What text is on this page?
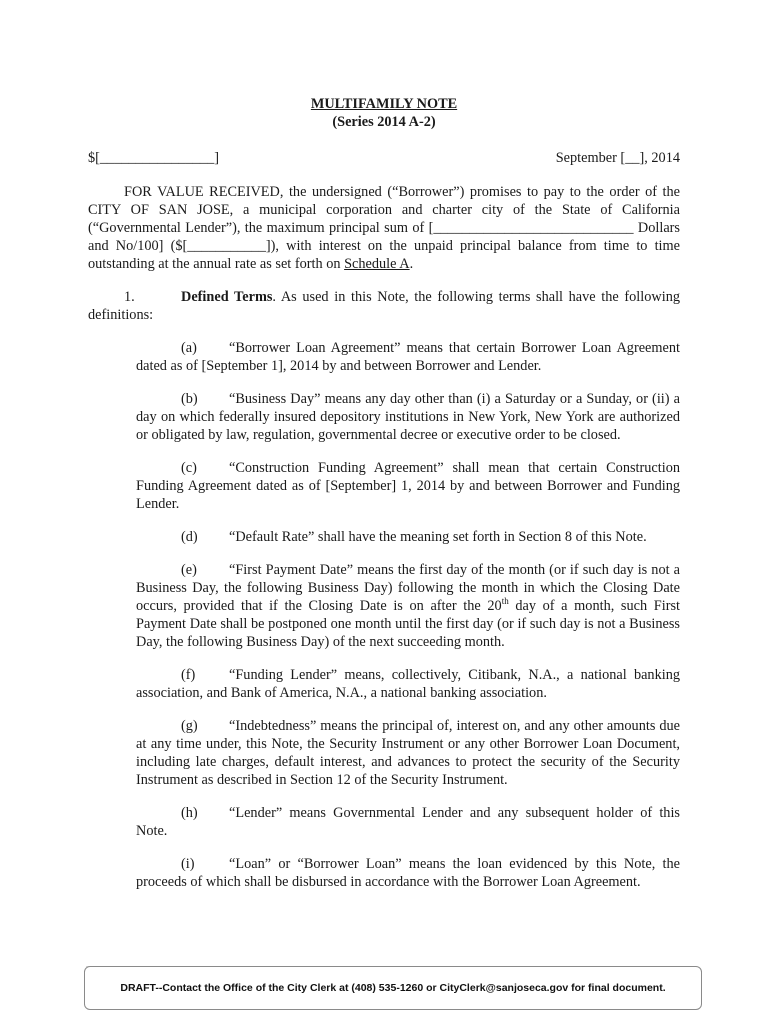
MULTIFAMILY NOTE

(Series 2014 A-2)

$[________________]	September [__], 2014

FOR VALUE RECEIVED, the undersigned (“Borrower”) promises to pay to the order of the CITY OF SAN JOSE, a municipal corporation and charter city of the State of California (“Governmental Lender”), the maximum principal sum of [____________________________ Dollars and No/100] ($[___________]), with interest on the unpaid principal balance from time to time outstanding at the annual rate as set forth on Schedule A.

1.	Defined Terms. As used in this Note, the following terms shall have the following definitions:

(a) “Borrower Loan Agreement” means that certain Borrower Loan Agreement dated as of [September 1], 2014 by and between Borrower and Lender.

(b) “Business Day” means any day other than (i) a Saturday or a Sunday, or (ii) a day on which federally insured depository institutions in New York, New York are authorized or obligated by law, regulation, governmental decree or executive order to be closed.

(c) “Construction Funding Agreement” shall mean that certain Construction Funding Agreement dated as of [September] 1, 2014 by and between Borrower and Funding Lender.

(d) “Default Rate” shall have the meaning set forth in Section 8 of this Note.

(e) “First Payment Date” means the first day of the month (or if such day is not a Business Day, the following Business Day) following the month in which the Closing Date occurs, provided that if the Closing Date is on after the 20th day of a month, such First Payment Date shall be postponed one month until the first day (or if such day is not a Business Day, the following Business Day) of the next succeeding month.

(f) “Funding Lender” means, collectively, Citibank, N.A., a national banking association, and Bank of America, N.A., a national banking association.

(g) “Indebtedness” means the principal of, interest on, and any other amounts due at any time under, this Note, the Security Instrument or any other Borrower Loan Document, including late charges, default interest, and advances to protect the security of the Security Instrument as described in Section 12 of the Security Instrument.

(h) “Lender” means Governmental Lender and any subsequent holder of this Note.

(i) “Loan” or “Borrower Loan” means the loan evidenced by this Note, the proceeds of which shall be disbursed in accordance with the Borrower Loan Agreement.

DRAFT--Contact the Office of the City Clerk at (408) 535-1260 or CityClerk@sanjoseca.gov for final document.
